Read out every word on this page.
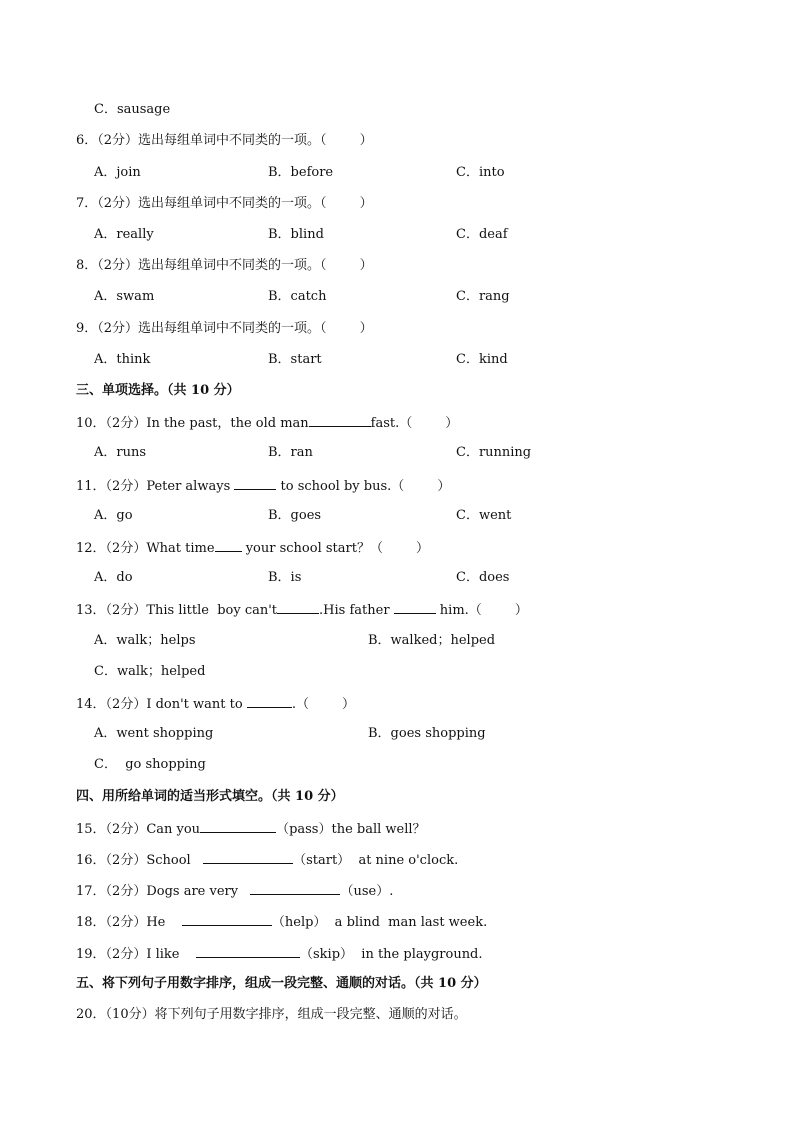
C．sausage
6．（2分）选出每组单词中不同类的一项。（        ）
A．join	B．before	C．into
7．（2分）选出每组单词中不同类的一项。（        ）
A．really	B．blind	C．deaf
8．（2分）选出每组单词中不同类的一项。（        ）
A．swam	B．catch	C．rang
9．（2分）选出每组单词中不同类的一项。（        ）
A．think	B．start	C．kind
三、单项选择。（共 10 分）
10．（2分）In the past，the old man	fast.（        ）
A．runs	B．ran	C．running
11．（2分）Peter always	to school by bus.（        ）
A．go	B．goes	C．went
12．（2分）What time your school start？（        ）
A．do	B．is	C．does
13．（2分）This little  boy can't	.His father	him.（        ）
A．walk；helps	B．walked；helped
C．walk；helped
14．（2分）I don't want to	.（        ）
A．went shopping	B．goes shopping
C．  go shopping
四、用所给单词的适当形式填空。（共 10 分）
15．（2分）Can you	（pass）the ball well？
16．（2分）School	（start）  at nine o'clock.
17．（2分）Dogs are very	（use）.
18．（2分）He	（help）  a blind  man last week.
19．（2分）I like	（skip）  in the playground.
五、将下列句子用数字排序，组成一段完整、通顺的对话。（共 10 分）
20．（10分）将下列句子用数字排序，组成一段完整、通顺的对话。
